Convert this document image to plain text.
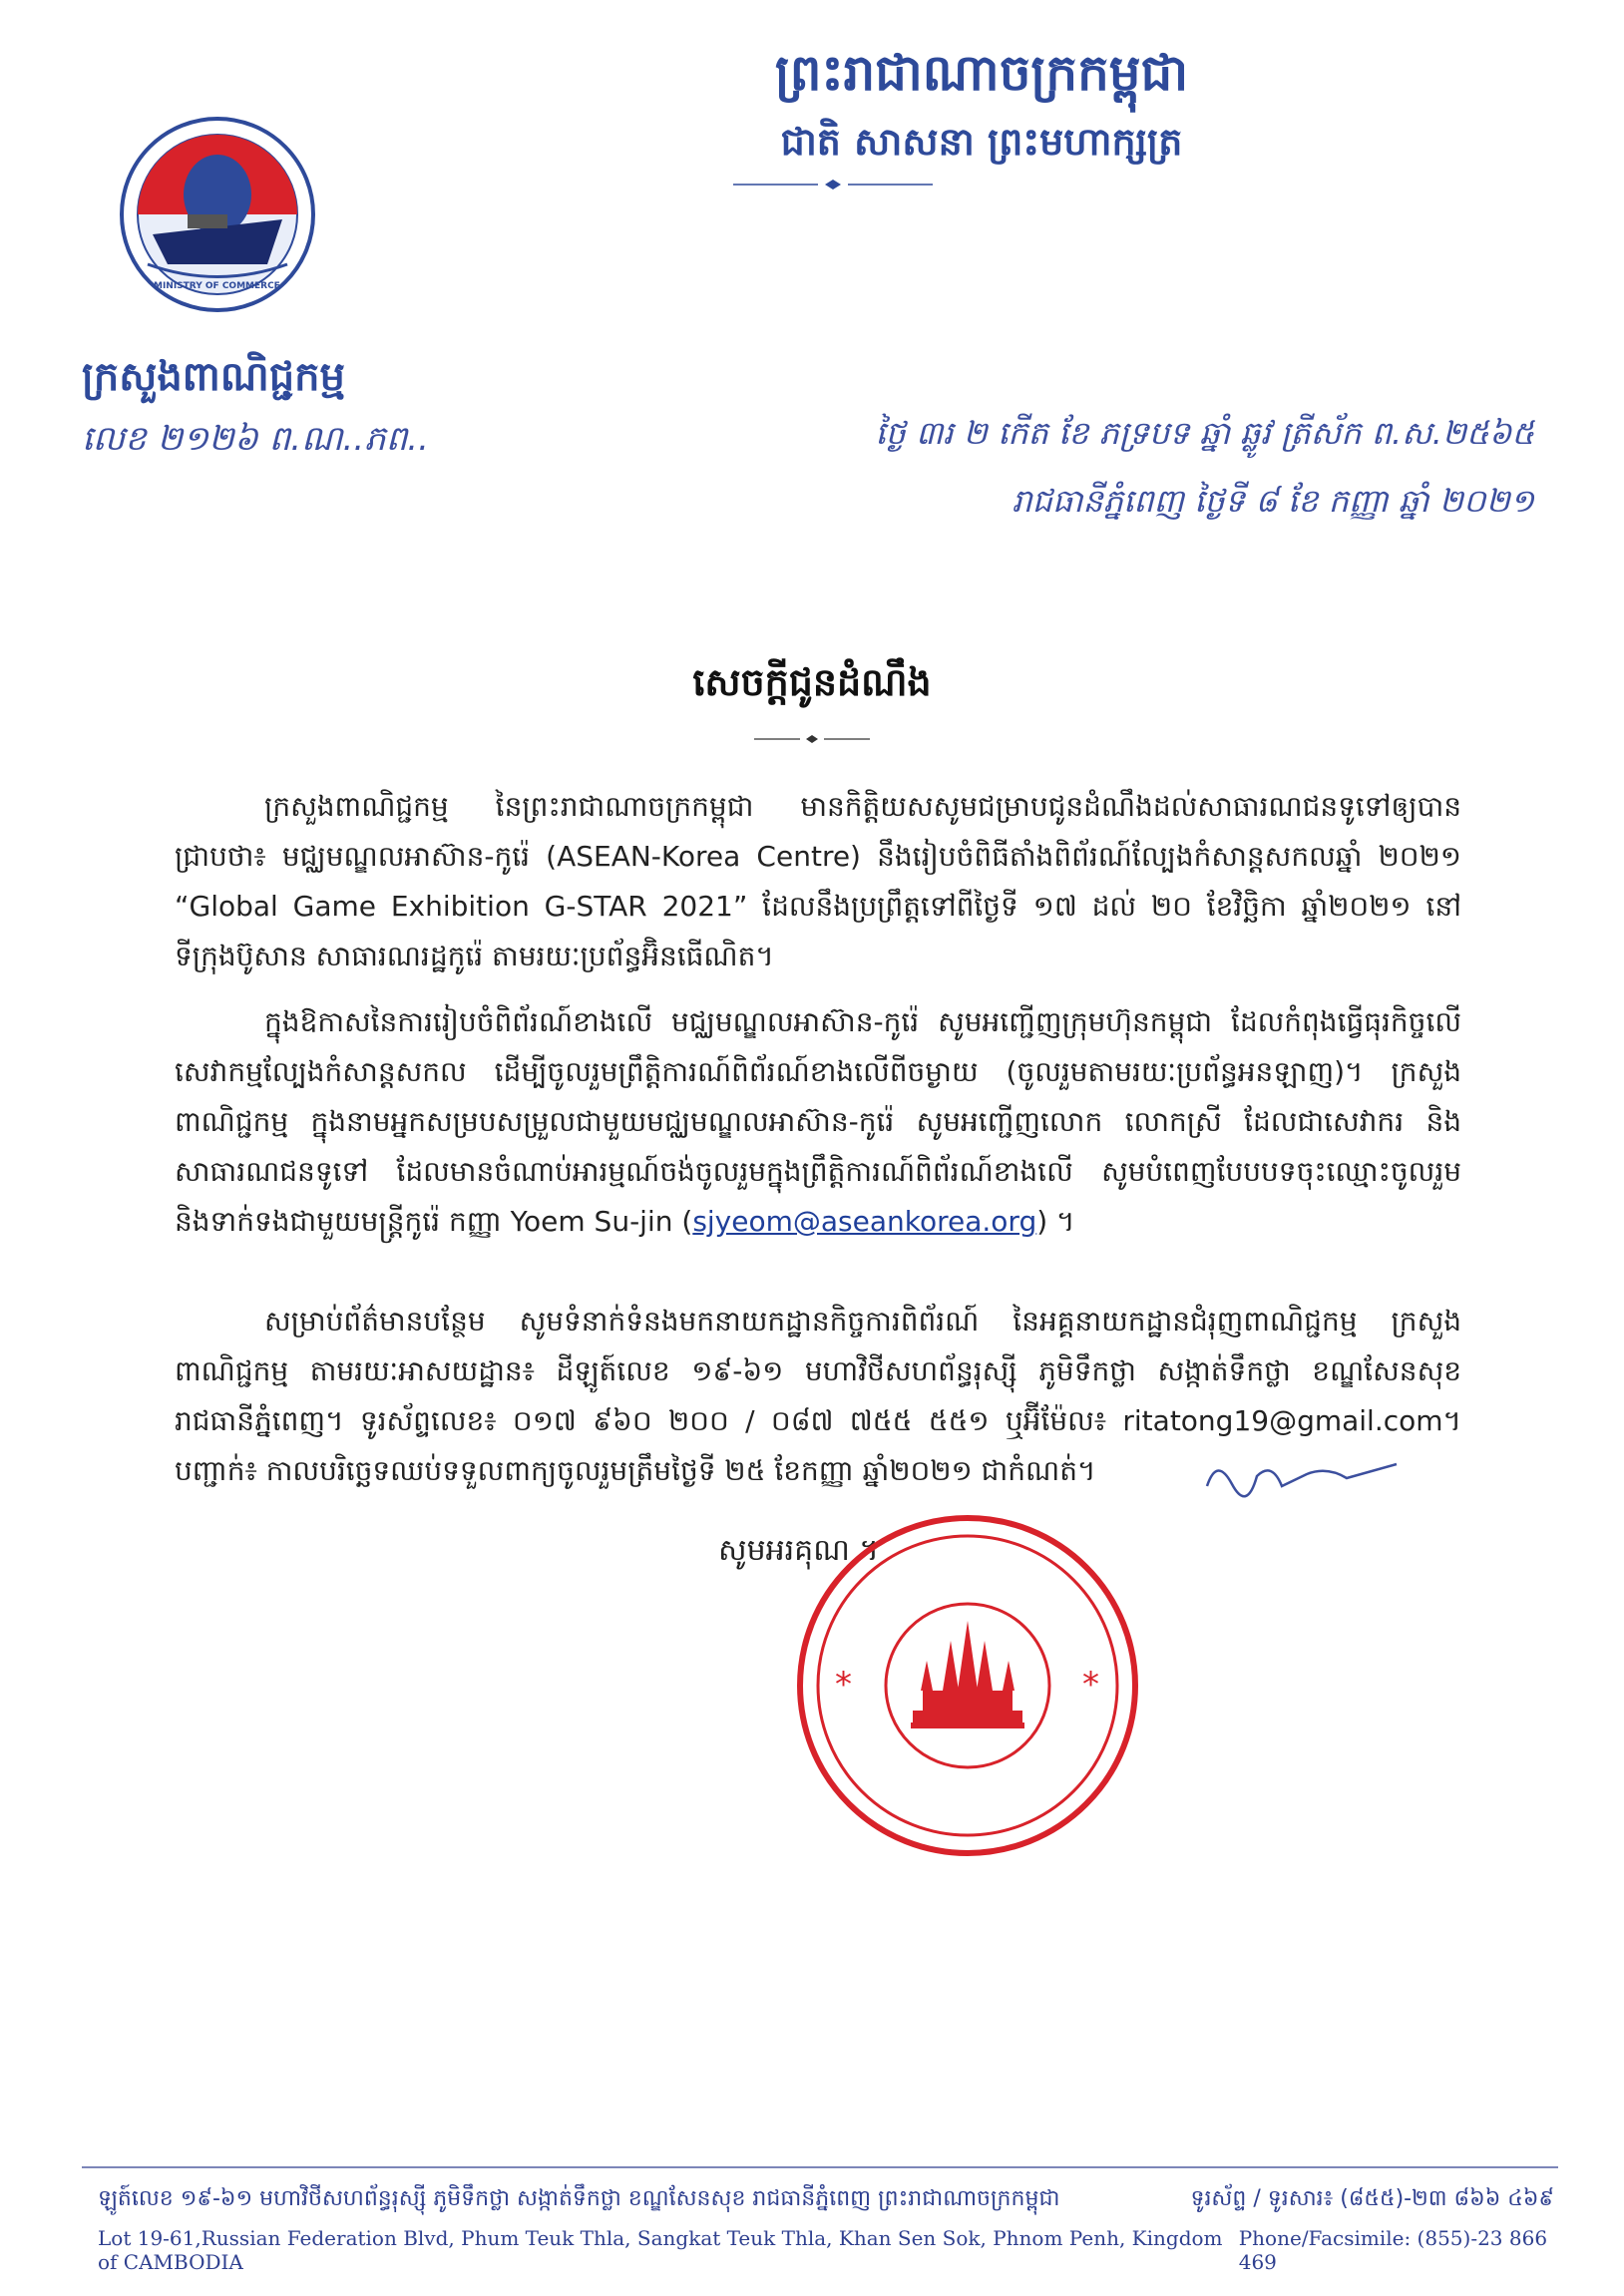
ព្រះរាជាណាចក្រកម្ពុជា
ជាតិ សាសនា ព្រះមហាក្សត្រ
MINISTRY OF COMMERCE
ក្រសួងពាណិជ្ជកម្ម
លេខ ២១២៦ ព.ណ..ភព..	ថ្ងៃ ៣រ ២ កើត ខែ ភទ្របទ ឆ្នាំ ឆ្លូវ ត្រីស័ក ព.ស.២៥៦៥
រាជធានីភ្នំពេញ ថ្ងៃទី ៨ ខែ កញ្ញា ឆ្នាំ ២០២១
សេចក្តីជូនដំណឹង
ក្រសួងពាណិជ្ជកម្ម នៃព្រះរាជាណាចក្រកម្ពុជា មានកិត្តិយសសូមជម្រាបជូនដំណឹងដល់សាធារណជនទូទៅឲ្យបានជ្រាបថា៖ មជ្ឈមណ្ឌលអាស៊ាន-កូរ៉េ (ASEAN-Korea Centre) នឹងរៀបចំពិធីតាំងពិព័រណ៍ល្បែងកំសាន្តសកលឆ្នាំ ២០២១ “Global Game Exhibition G-STAR 2021” ដែលនឹងប្រព្រឹត្តទៅពីថ្ងៃទី ១៧ ដល់ ២០ ខែវិច្ឆិកា ឆ្នាំ២០២១ នៅទីក្រុងប៊ូសាន សាធារណរដ្ឋកូរ៉េ តាមរយៈប្រព័ន្ធអ៊ិនធើណិត។
ក្នុងឱកាសនៃការរៀបចំពិព័រណ៍ខាងលើ មជ្ឈមណ្ឌលអាស៊ាន-កូរ៉េ សូមអញ្ជើញក្រុមហ៊ុនកម្ពុជា ដែលកំពុងធ្វើធុរកិច្ចលើសេវាកម្មល្បែងកំសាន្តសកល ដើម្បីចូលរួមព្រឹត្តិការណ៍ពិព័រណ៍ខាងលើពីចម្ងាយ (ចូលរួមតាមរយៈប្រព័ន្ធអនឡាញ)។ ក្រសួងពាណិជ្ជកម្ម ក្នុងនាមអ្នកសម្របសម្រួលជាមួយមជ្ឈមណ្ឌលអាស៊ាន-កូរ៉េ សូមអញ្ជើញលោក លោកស្រី ដែលជាសេវាករ និងសាធារណជនទូទៅ ដែលមានចំណាប់អារម្មណ៍ចង់ចូលរួមក្នុងព្រឹត្តិការណ៍ពិព័រណ៍ខាងលើ សូមបំពេញបែបបទចុះឈ្មោះចូលរួម និងទាក់ទងជាមួយមន្ត្រីកូរ៉េ កញ្ញា Yoem Su-jin (sjyeom@aseankorea.org) ។
សម្រាប់ព័ត៌មានបន្ថែម សូមទំនាក់ទំនងមកនាយកដ្ឋានកិច្ចការពិព័រណ៍ នៃអគ្គនាយកដ្ឋានជំរុញពាណិជ្ជកម្ម ក្រសួងពាណិជ្ជកម្ម តាមរយៈអាសយដ្ឋាន៖ ដីឡូត៍លេខ ១៩-៦១ មហាវិថីសហព័ន្ធរុស្ស៊ី ភូមិទឹកថ្លា សង្កាត់ទឹកថ្លា ខណ្ឌសែនសុខ រាជធានីភ្នំពេញ។ ទូរស័ព្ទលេខ៖ ០១៧ ៩៦០ ២០០ / ០៨៧ ៧៥៥ ៥៥១ ឬអ៊ីម៉ែល៖ ritatong19@gmail.com។ បញ្ជាក់៖ កាលបរិច្ឆេទឈប់ទទួលពាក្យចូលរួមត្រឹមថ្ងៃទី ២៥ ខែកញ្ញា ឆ្នាំ២០២១ ជាកំណត់។
សូមអរគុណ ។
*	*
ឡូត៍លេខ ១៩-៦១ មហាវិថីសហព័ន្ធរុស្ស៊ី ភូមិទឹកថ្លា សង្កាត់ទឹកថ្លា ខណ្ឌសែនសុខ រាជធានីភ្នំពេញ ព្រះរាជាណាចក្រកម្ពុជា	ទូរស័ព្ទ / ទូរសារ៖ (៨៥៥)-២៣ ៨៦៦ ៤៦៩
Lot 19-61,Russian Federation Blvd, Phum Teuk Thla, Sangkat Teuk Thla, Khan Sen Sok, Phnom Penh, Kingdom of CAMBODIA
Phone/Facsimile: (855)-23 866 469
